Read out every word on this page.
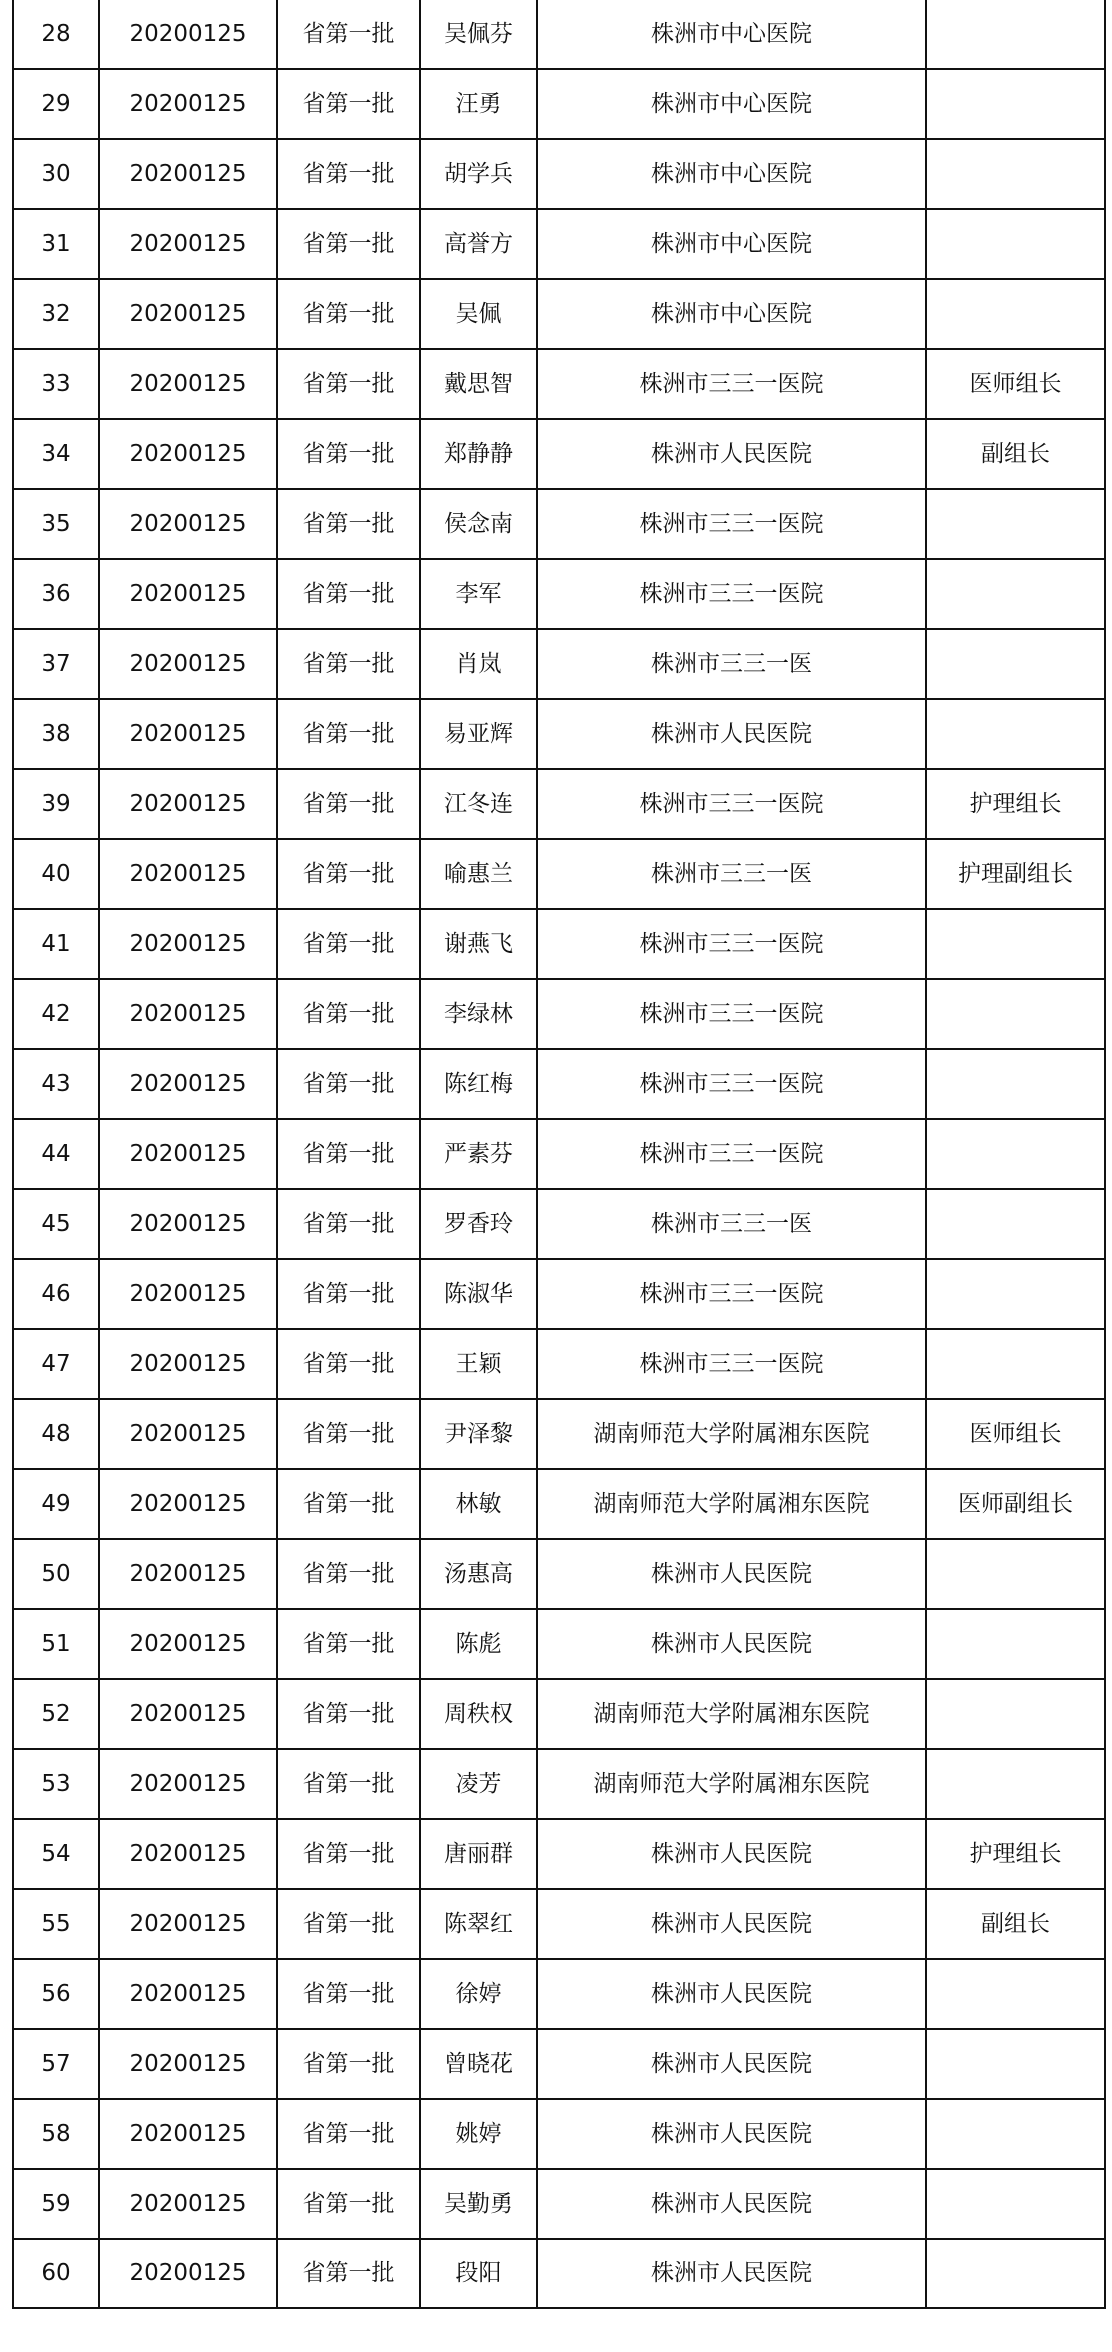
28	20200125	省第一批	吴佩芬	株洲市中心医院	
29	20200125	省第一批	汪勇	株洲市中心医院	
30	20200125	省第一批	胡学兵	株洲市中心医院	
31	20200125	省第一批	高誉方	株洲市中心医院	
32	20200125	省第一批	吴佩	株洲市中心医院	
33	20200125	省第一批	戴思智	株洲市三三一医院	医师组长
34	20200125	省第一批	郑静静	株洲市人民医院	副组长
35	20200125	省第一批	侯念南	株洲市三三一医院	
36	20200125	省第一批	李军	株洲市三三一医院	
37	20200125	省第一批	肖岚	株洲市三三一医	
38	20200125	省第一批	易亚辉	株洲市人民医院	
39	20200125	省第一批	江冬连	株洲市三三一医院	护理组长
40	20200125	省第一批	喻惠兰	株洲市三三一医	护理副组长
41	20200125	省第一批	谢燕飞	株洲市三三一医院	
42	20200125	省第一批	李绿林	株洲市三三一医院	
43	20200125	省第一批	陈红梅	株洲市三三一医院	
44	20200125	省第一批	严素芬	株洲市三三一医院	
45	20200125	省第一批	罗香玲	株洲市三三一医	
46	20200125	省第一批	陈淑华	株洲市三三一医院	
47	20200125	省第一批	王颖	株洲市三三一医院	
48	20200125	省第一批	尹泽黎	湖南师范大学附属湘东医院	医师组长
49	20200125	省第一批	林敏	湖南师范大学附属湘东医院	医师副组长
50	20200125	省第一批	汤惠高	株洲市人民医院	
51	20200125	省第一批	陈彪	株洲市人民医院	
52	20200125	省第一批	周秩权	湖南师范大学附属湘东医院	
53	20200125	省第一批	凌芳	湖南师范大学附属湘东医院	
54	20200125	省第一批	唐丽群	株洲市人民医院	护理组长
55	20200125	省第一批	陈翠红	株洲市人民医院	副组长
56	20200125	省第一批	徐婷	株洲市人民医院	
57	20200125	省第一批	曾晓花	株洲市人民医院	
58	20200125	省第一批	姚婷	株洲市人民医院	
59	20200125	省第一批	吴勤勇	株洲市人民医院	
60	20200125	省第一批	段阳	株洲市人民医院	
